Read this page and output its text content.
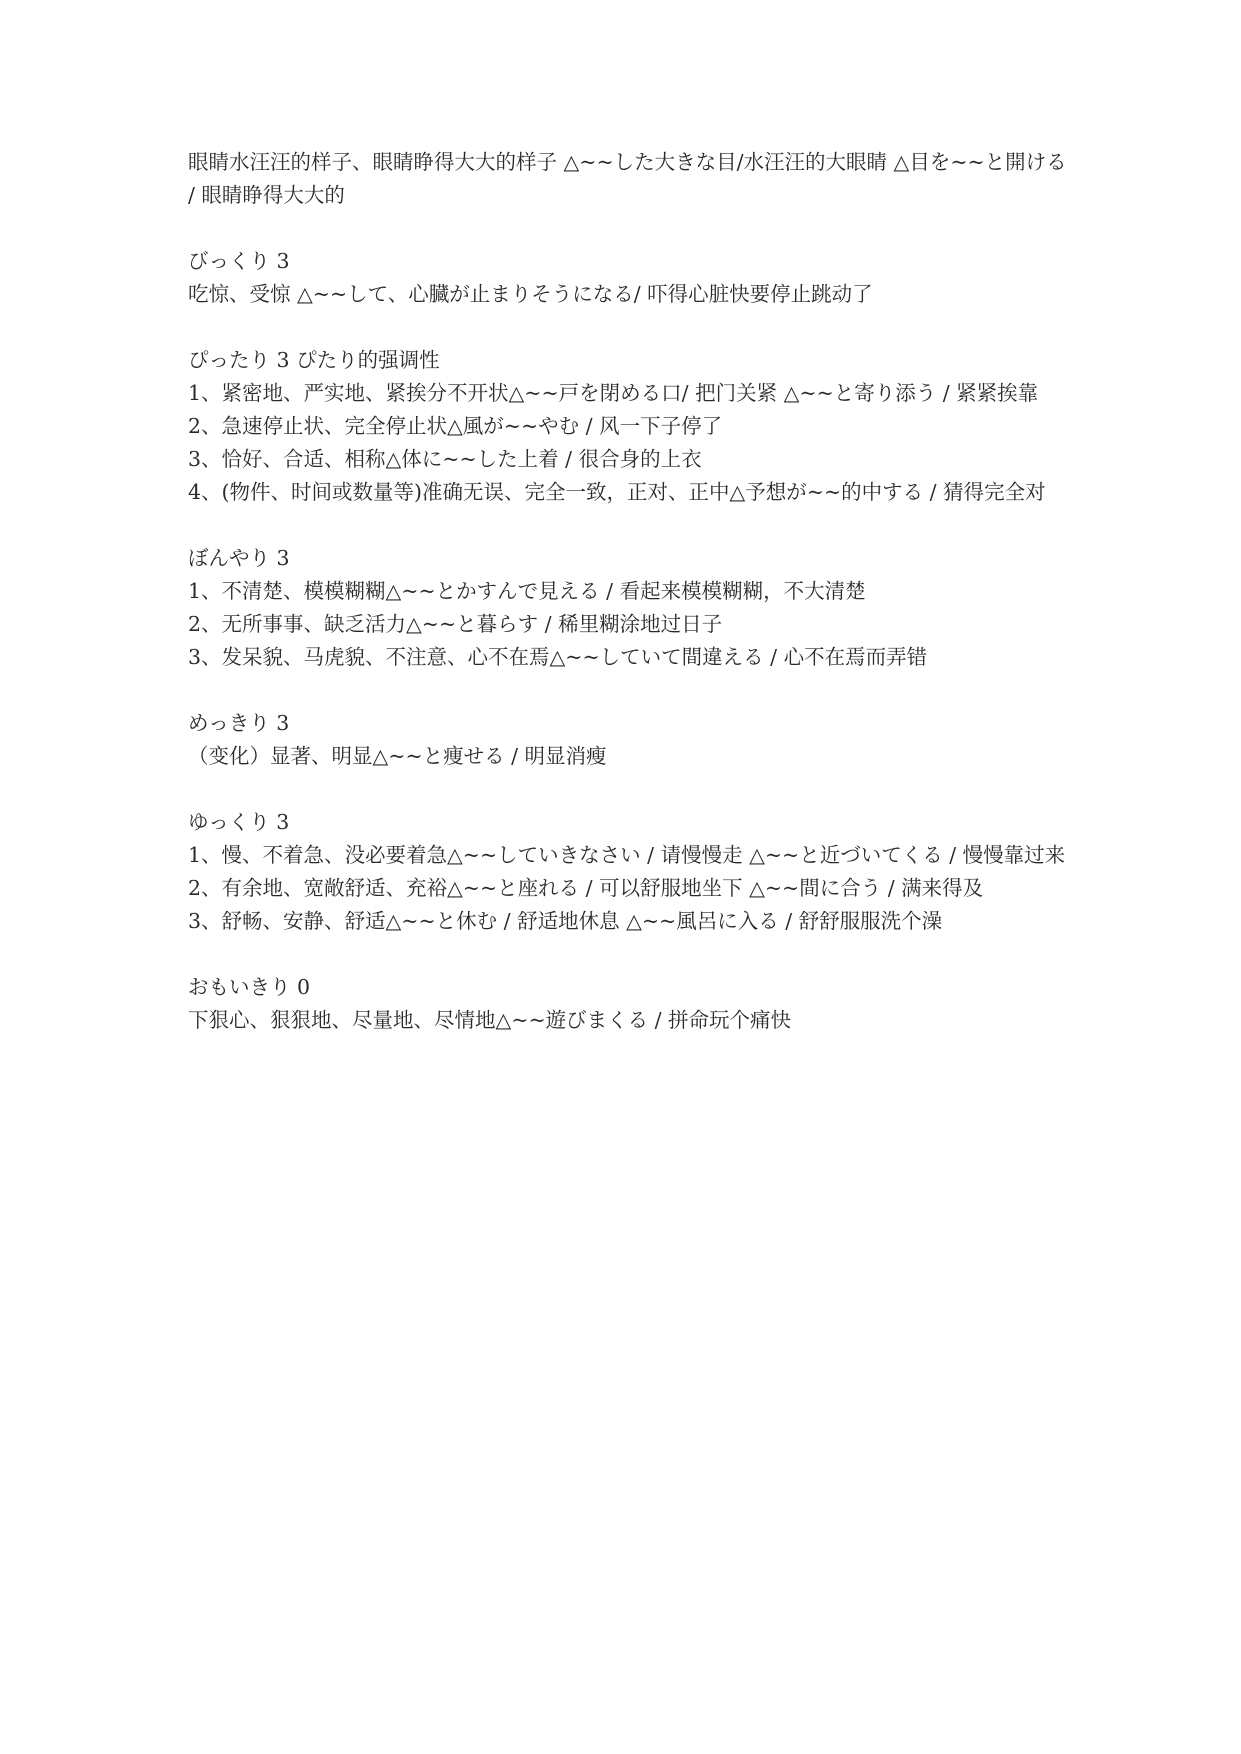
眼睛水汪汪的样子、眼睛睁得大大的样子 △~~した大きな目/水汪汪的大眼睛 △目を~~と開ける / 眼睛睁得大大的

びっくり 3

吃惊、受惊 △~~して、心臓が止まりそうになる/ 吓得心脏快要停止跳动了

ぴったり 3 ぴたり的强调性

1、紧密地、严实地、紧挨分不开状△~~戸を閉める口/ 把门关紧 △~~と寄り添う / 紧紧挨靠

2、急速停止状、完全停止状△風が~~やむ / 风一下子停了

3、恰好、合适、相称△体に~~した上着 / 很合身的上衣

4、(物件、时间或数量等)准确无误、完全一致，正对、正中△予想が~~的中する / 猜得完全对

ぼんやり 3

1、不清楚、模模糊糊△~~とかすんで見える / 看起来模模糊糊，不大清楚

2、无所事事、缺乏活力△~~と暮らす / 稀里糊涂地过日子

3、发呆貌、马虎貌、不注意、心不在焉△~~していて間違える / 心不在焉而弄错

めっきり 3

（变化）显著、明显△~~と痩せる / 明显消瘦

ゆっくり 3

1、慢、不着急、没必要着急△~~していきなさい / 请慢慢走 △~~と近づいてくる / 慢慢靠过来

2、有余地、宽敞舒适、充裕△~~と座れる / 可以舒服地坐下 △~~間に合う / 满来得及

3、舒畅、安静、舒适△~~と休む / 舒适地休息 △~~風呂に入る / 舒舒服服洗个澡

おもいきり 0

下狠心、狠狠地、尽量地、尽情地△~~遊びまくる / 拼命玩个痛快
